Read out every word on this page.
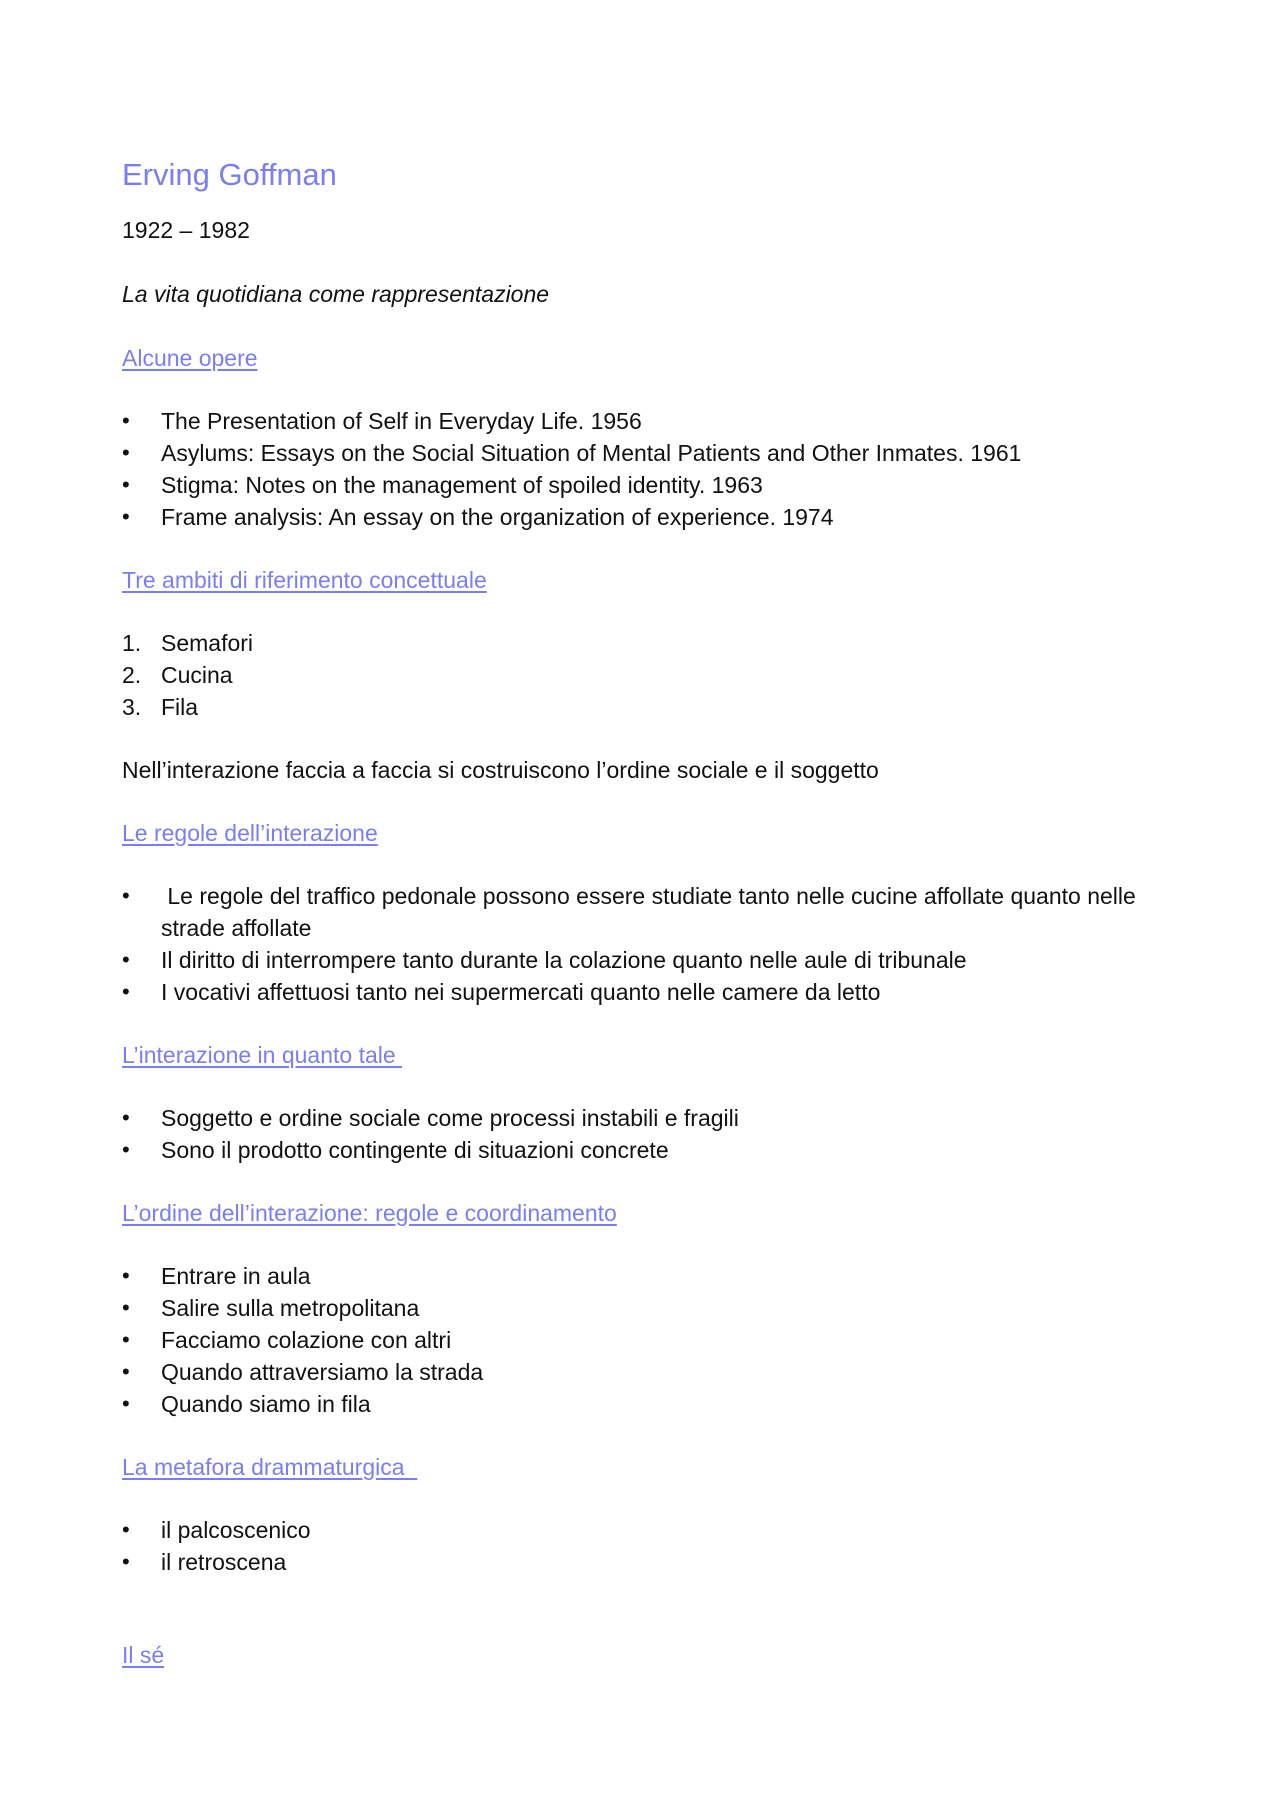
Erving Goffman

1922 – 1982

La vita quotidiana come rappresentazione

Alcune opere
•	The Presentation of Self in Everyday Life. 1956
•	Asylums: Essays on the Social Situation of Mental Patients and Other Inmates. 1961
•	Stigma: Notes on the management of spoiled identity. 1963
•	Frame analysis: An essay on the organization of experience. 1974
Tre ambiti di riferimento concettuale
1. Semafori
2. Cucina
3. Fila

Nell’interazione faccia a faccia si costruiscono l’ordine sociale e il soggetto

Le regole dell’interazione
•	Le regole del traffico pedonale possono essere studiate tanto nelle cucine affollate quanto nelle strade affollate
•	Il diritto di interrompere tanto durante la colazione quanto nelle aule di tribunale
•	I vocativi affettuosi tanto nei supermercati quanto nelle camere da letto
L’interazione in quanto tale
•	Soggetto e ordine sociale come processi instabili e fragili
•	Sono il prodotto contingente di situazioni concrete
L’ordine dell’interazione: regole e coordinamento
•	Entrare in aula
•	Salire sulla metropolitana
•	Facciamo colazione con altri
•	Quando attraversiamo la strada
•	Quando siamo in fila
La metafora drammaturgica
•	il palcoscenico
•	il retroscena
Il sé
